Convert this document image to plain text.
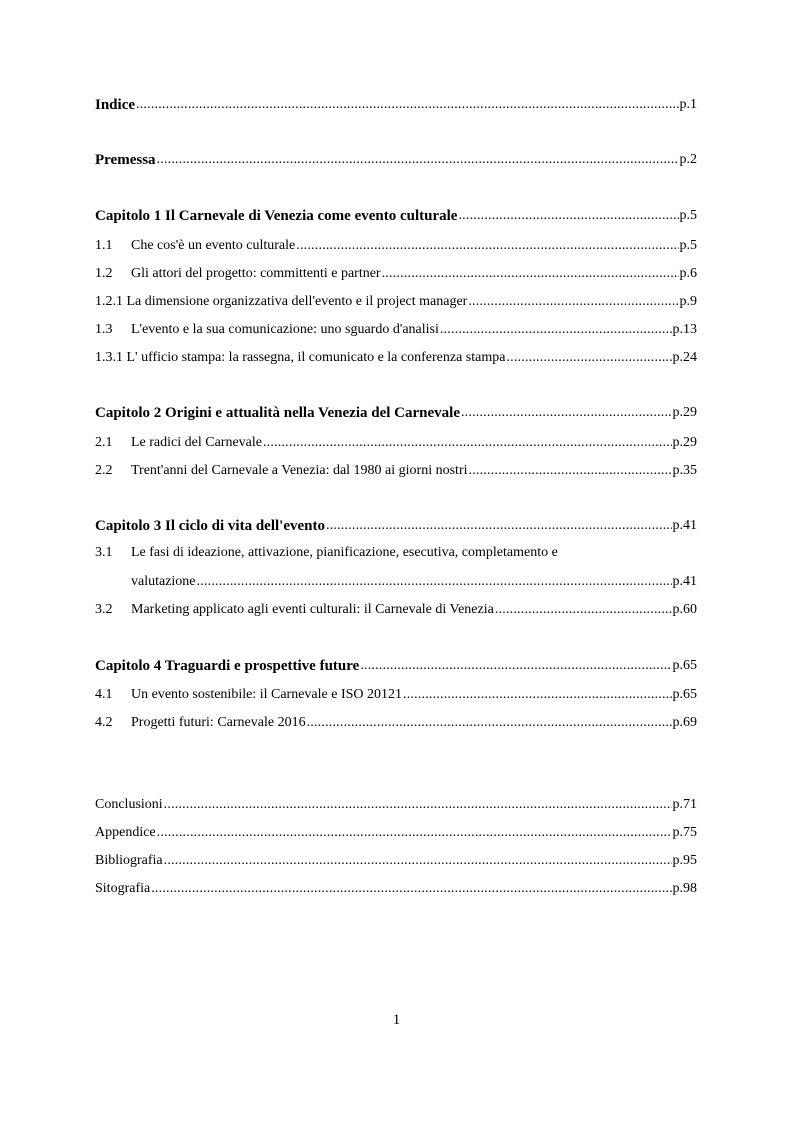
Indice .....	p.1
Premessa .....	p.2
Capitolo 1 Il Carnevale di Venezia come evento culturale .....	p.5
1.1	Che cos'è un evento culturale .....	p.5
1.2	Gli attori del progetto: committenti e partner .....	p.6
1.2.1 La dimensione organizzativa dell'evento e il project manager .....	p.9
1.3	L'evento e la sua comunicazione: uno sguardo d'analisi .....	p.13
1.3.1 L' ufficio stampa: la rassegna, il comunicato e la conferenza stampa .....	p.24
Capitolo 2 Origini e attualità nella Venezia del Carnevale .....	p.29
2.1	Le radici del Carnevale .....	p.29
2.2	Trent'anni del Carnevale a Venezia: dal 1980 ai giorni nostri .....	p.35
Capitolo 3 Il ciclo di vita dell'evento .....	p.41
3.1 Le fasi di ideazione, attivazione, pianificazione, esecutiva, completamento e
valutazione .....	p.41
3.2	Marketing applicato agli eventi culturali: il Carnevale di Venezia .....	p.60
Capitolo 4 Traguardi e prospettive future .....	p.65
4.1	Un evento sostenibile: il Carnevale e ISO 20121 .....	p.65
4.2	Progetti futuri: Carnevale 2016 .....	p.69
Conclusioni .....	p.71
Appendice .....	p.75
Bibliografia .....	p.95
Sitografia .....	p.98
1
